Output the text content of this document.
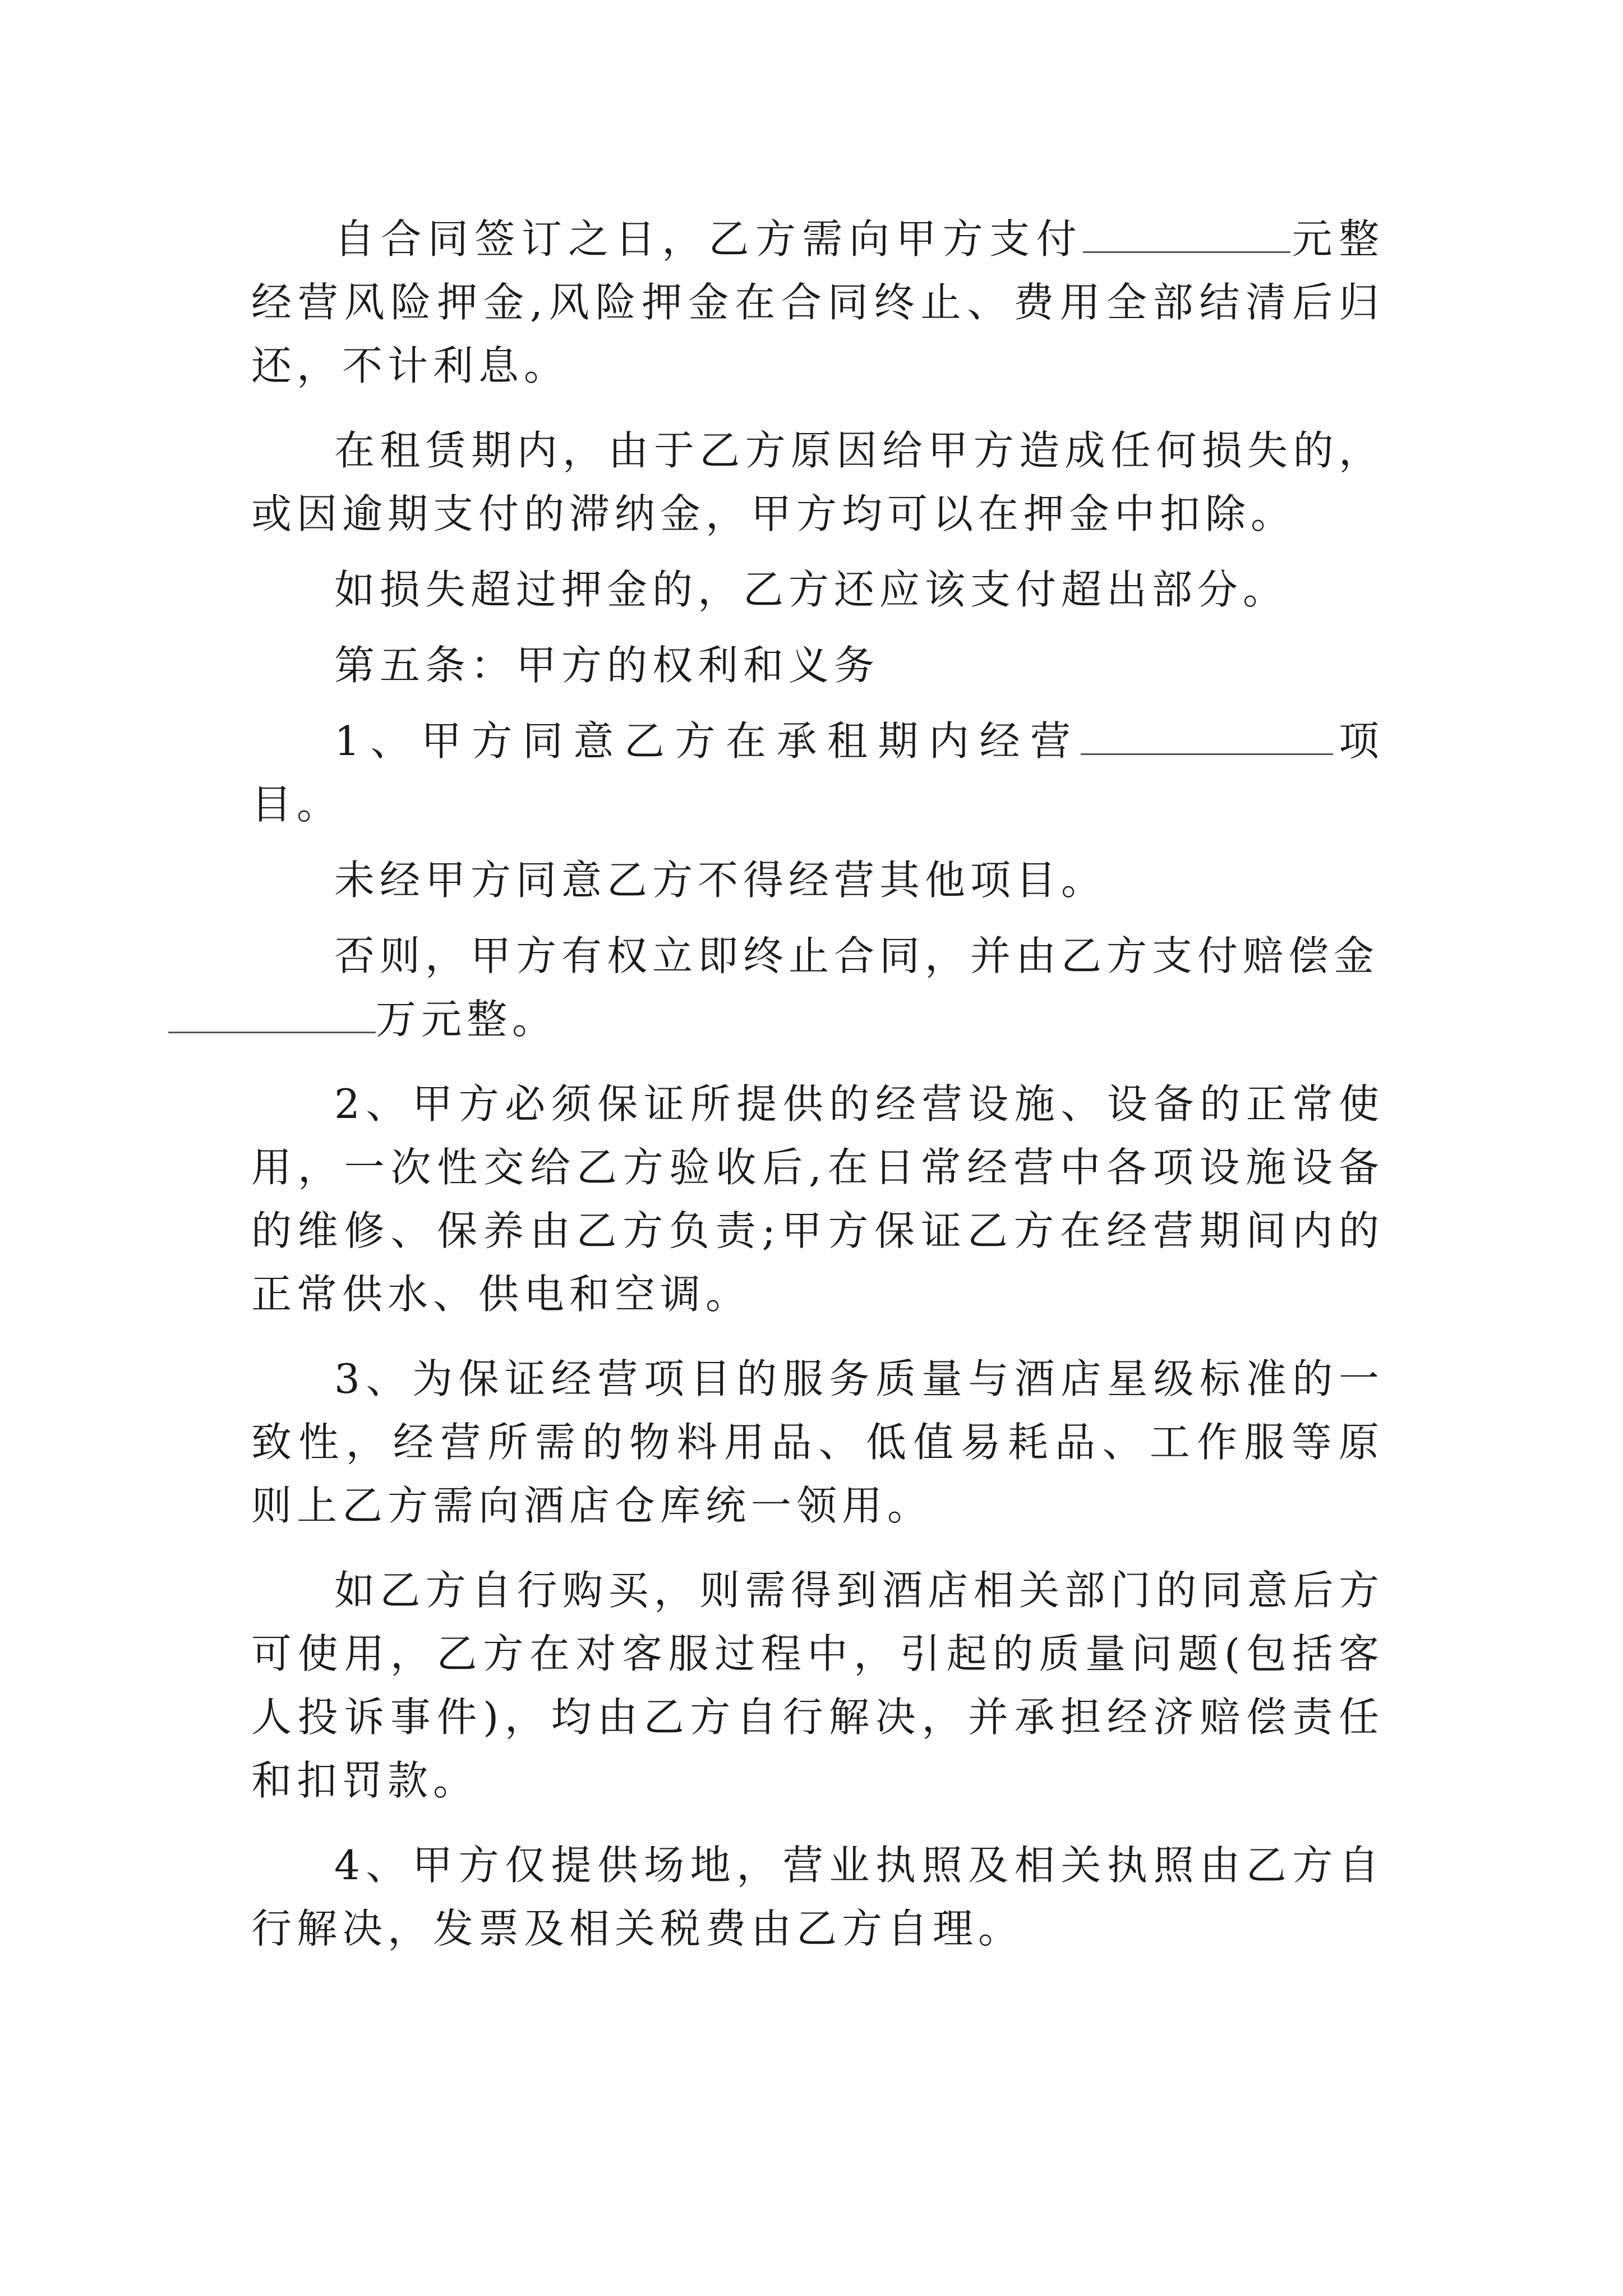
自合同签订之日，乙方需向甲方支付	元整经营风险押金,风险押金在合同终止、费用全部结清后归还，不计利息。

在租赁期内，由于乙方原因给甲方造成任何损失的，或因逾期支付的滞纳金，甲方均可以在押金中扣除。

如损失超过押金的，乙方还应该支付超出部分。

第五条：甲方的权利和义务

1、甲方同意乙方在承租期内经营	项目。

未经甲方同意乙方不得经营其他项目。

否则，甲方有权立即终止合同，并由乙方支付赔偿金
万元整。

2、甲方必须保证所提供的经营设施、设备的正常使用，一次性交给乙方验收后,在日常经营中各项设施设备的维修、保养由乙方负责;甲方保证乙方在经营期间内的正常供水、供电和空调。

3、为保证经营项目的服务质量与酒店星级标准的一致性，经营所需的物料用品、低值易耗品、工作服等原则上乙方需向酒店仓库统一领用。

如乙方自行购买，则需得到酒店相关部门的同意后方可使用，乙方在对客服过程中，引起的质量问题(包括客人投诉事件)，均由乙方自行解决，并承担经济赔偿责任和扣罚款。

4、甲方仅提供场地，营业执照及相关执照由乙方自行解决，发票及相关税费由乙方自理。
